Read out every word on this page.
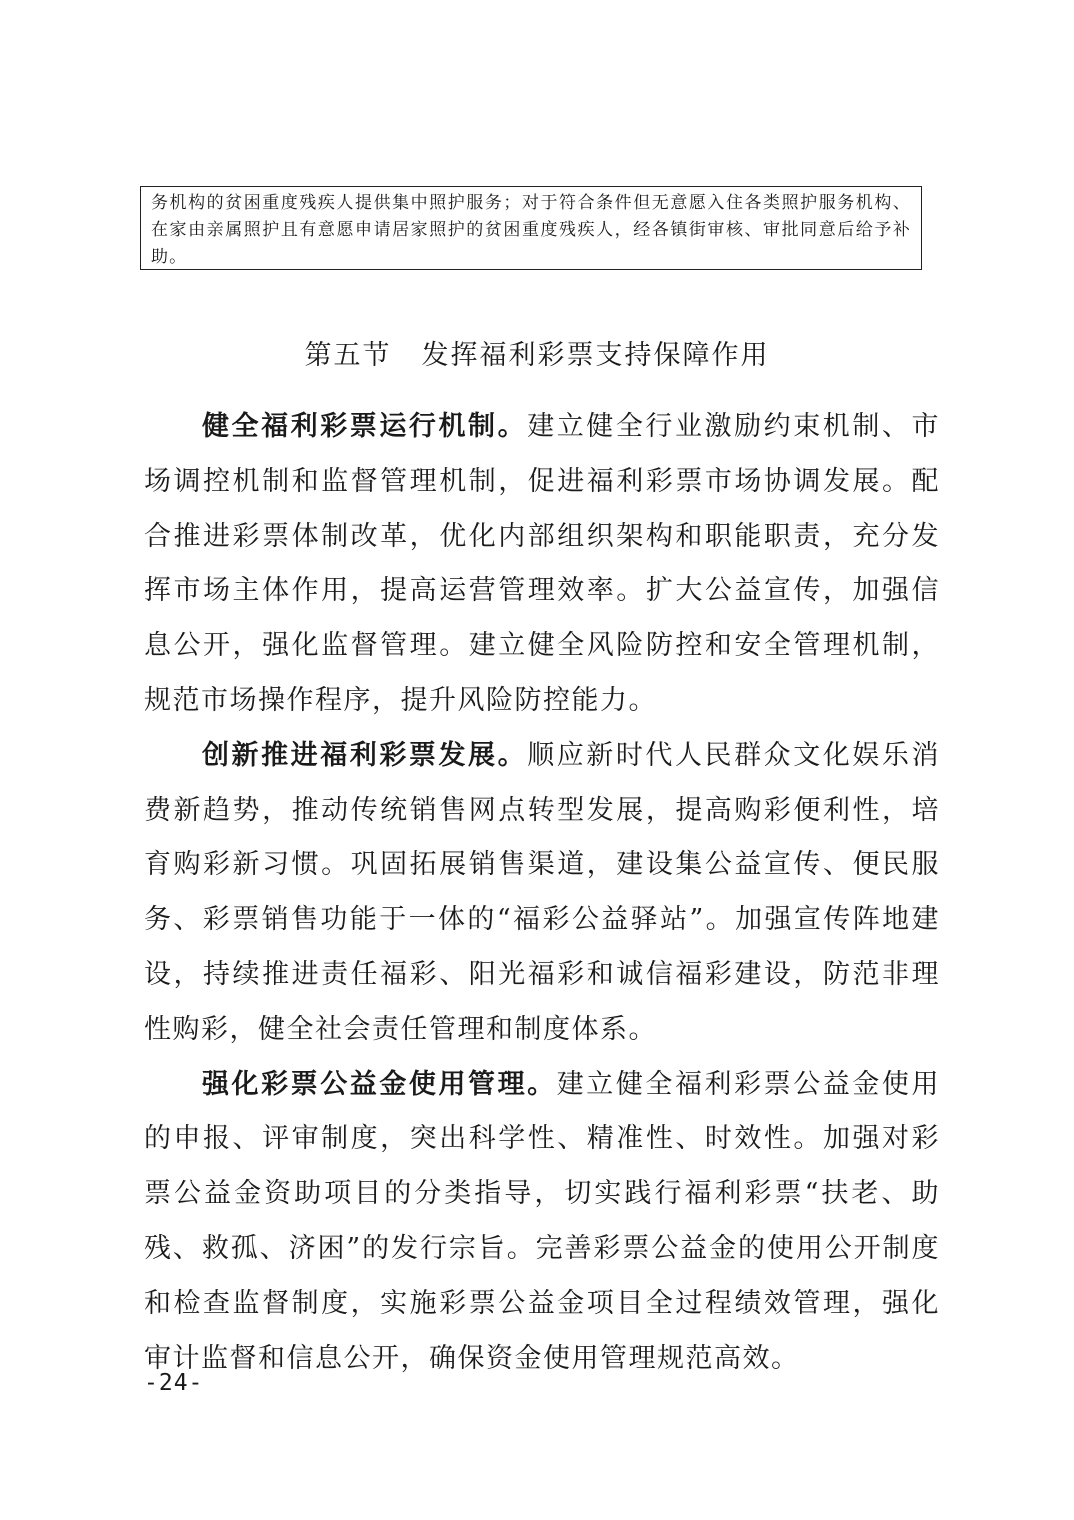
务机构的贫困重度残疾人提供集中照护服务；对于符合条件但无意愿入住各类照护服务机构、在家由亲属照护且有意愿申请居家照护的贫困重度残疾人，经各镇街审核、审批同意后给予补助。

第五节 发挥福利彩票支持保障作用

健全福利彩票运行机制。建立健全行业激励约束机制、市场调控机制和监督管理机制，促进福利彩票市场协调发展。配合推进彩票体制改革，优化内部组织架构和职能职责，充分发挥市场主体作用，提高运营管理效率。扩大公益宣传，加强信息公开，强化监督管理。建立健全风险防控和安全管理机制，规范市场操作程序，提升风险防控能力。

创新推进福利彩票发展。顺应新时代人民群众文化娱乐消费新趋势，推动传统销售网点转型发展，提高购彩便利性，培育购彩新习惯。巩固拓展销售渠道，建设集公益宣传、便民服务、彩票销售功能于一体的“福彩公益驿站”。加强宣传阵地建设，持续推进责任福彩、阳光福彩和诚信福彩建设，防范非理性购彩，健全社会责任管理和制度体系。

强化彩票公益金使用管理。建立健全福利彩票公益金使用的申报、评审制度，突出科学性、精准性、时效性。加强对彩票公益金资助项目的分类指导，切实践行福利彩票“扶老、助残、救孤、济困”的发行宗旨。完善彩票公益金的使用公开制度和检查监督制度，实施彩票公益金项目全过程绩效管理，强化审计监督和信息公开，确保资金使用管理规范高效。

-24-
